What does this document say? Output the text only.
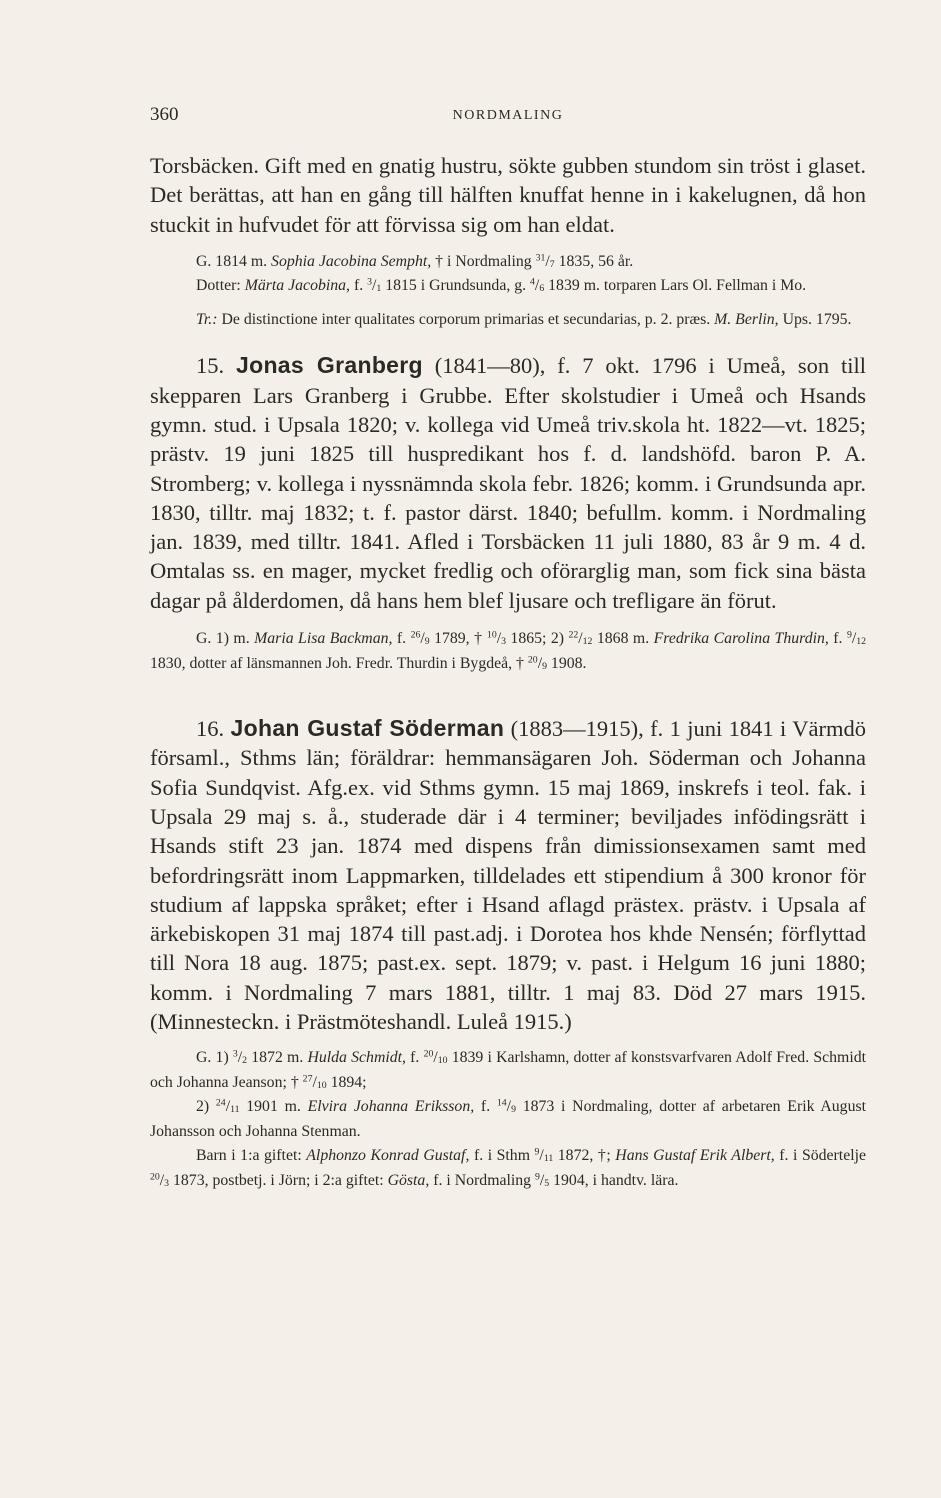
360	NORDMALING

Torsbäcken. Gift med en gnatig hustru, sökte gubben stundom sin tröst i glaset. Det berättas, att han en gång till hälften knuffat henne in i kakelugnen, då hon stuckit in hufvudet för att förvissa sig om han eldat.

G. 1814 m. Sophia Jacobina Sempht, † i Nordmaling $^{31}/_7$ 1835, 56 år.

Dotter: Märta Jacobina, f. $^3/_1$ 1815 i Grundsunda, g. $^4/_6$ 1839 m. torparen Lars Ol. Fellman i Mo.

Tr.: De distinctione inter qualitates corporum primarias et secundarias, p. 2. præs. M. Berlin, Ups. 1795.

15. Jonas Granberg (1841—80), f. 7 okt. 1796 i Umeå, son till skepparen Lars Granberg i Grubbe. Efter skolstudier i Umeå och Hsands gymn. stud. i Upsala 1820; v. kollega vid Umeå triv.skola ht. 1822—vt. 1825; prästv. 19 juni 1825 till huspredikant hos f. d. landshöfd. baron P. A. Stromberg; v. kollega i nyssnämnda skola febr. 1826; komm. i Grundsunda apr. 1830, tilltr. maj 1832; t. f. pastor därst. 1840; befullm. komm. i Nordmaling jan. 1839, med tilltr. 1841. Afled i Torsbäcken 11 juli 1880, 83 år 9 m. 4 d. Omtalas ss. en mager, mycket fredlig och oförarglig man, som fick sina bästa dagar på ålderdomen, då hans hem blef ljusare och trefligare än förut.

G. 1) m. Maria Lisa Backman, f. $^{26}/_9$ 1789, † $^{10}/_3$ 1865; 2) $^{22}/_{12}$ 1868 m. Fredrika Carolina Thurdin, f. $^9/_{12}$ 1830, dotter af länsmannen Joh. Fredr. Thurdin i Bygdeå, † $^{20}/_9$ 1908.

16. Johan Gustaf Söderman (1883—1915), f. 1 juni 1841 i Värmdö församl., Sthms län; föräldrar: hemmansägaren Joh. Söderman och Johanna Sofia Sundqvist. Afg.ex. vid Sthms gymn. 15 maj 1869, inskrefs i teol. fak. i Upsala 29 maj s. å., studerade där i 4 terminer; beviljades infödingsrätt i Hsands stift 23 jan. 1874 med dispens från dimissionsexamen samt med befordringsrätt inom Lappmarken, tilldelades ett stipendium å 300 kronor för studium af lappska språket; efter i Hsand aflagd prästex. prästv. i Upsala af ärkebiskopen 31 maj 1874 till past.adj. i Dorotea hos khde Nensén; förflyttad till Nora 18 aug. 1875; past.ex. sept. 1879; v. past. i Helgum 16 juni 1880; komm. i Nordmaling 7 mars 1881, tilltr. 1 maj 83. Död 27 mars 1915. (Minnesteckn. i Prästmöteshandl. Luleå 1915.)

G. 1) $^3/_2$ 1872 m. Hulda Schmidt, f. $^{20}/_{10}$ 1839 i Karlshamn, dotter af konstsvarfvaren Adolf Fred. Schmidt och Johanna Jeanson; † $^{27}/_{10}$ 1894;

2) $^{24}/_{11}$ 1901 m. Elvira Johanna Eriksson, f. $^{14}/_9$ 1873 i Nordmaling, dotter af arbetaren Erik August Johansson och Johanna Stenman.

Barn i 1:a giftet: Alphonzo Konrad Gustaf, f. i Sthm $^9/_{11}$ 1872, †; Hans Gustaf Erik Albert, f. i Södertelje $^{20}/_3$ 1873, postbetj. i Jörn; i 2:a giftet: Gösta, f. i Nordmaling $^9/_5$ 1904, i handtv. lära.
